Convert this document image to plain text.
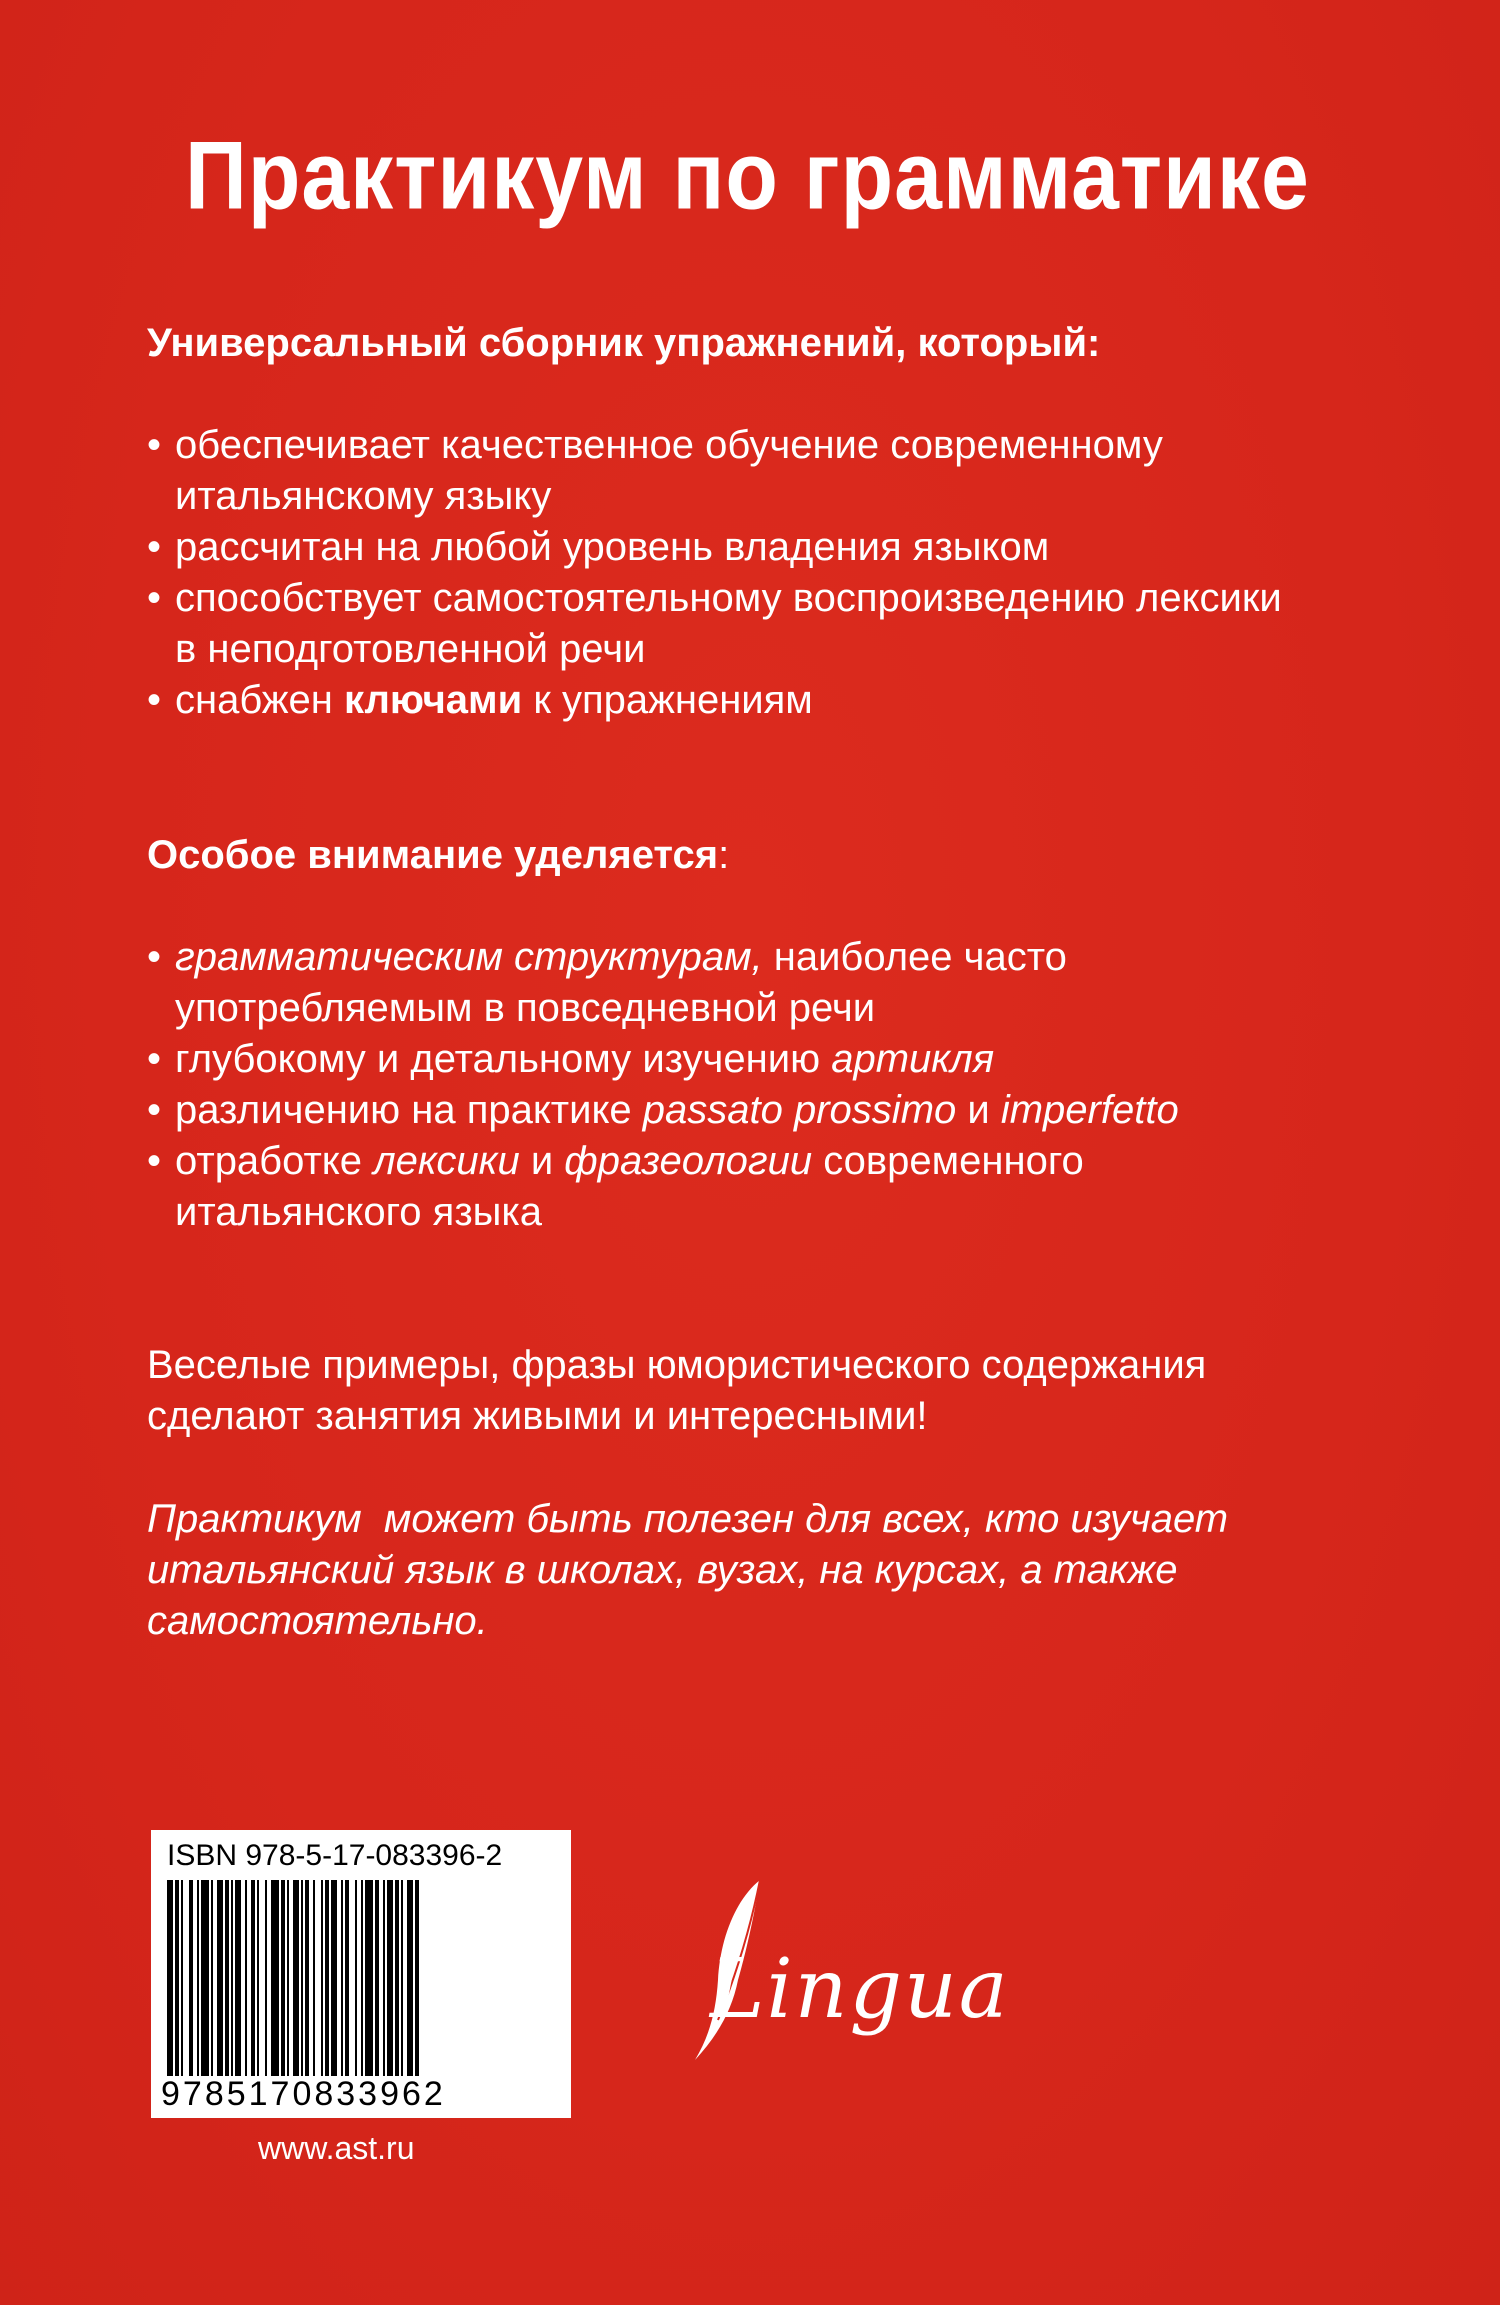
Практикум по грамматике
Универсальный сборник упражнений, который:
• обеспечивает качественное обучение современному итальянскому языку
• рассчитан на любой уровень владения языком
• способствует самостоятельному воспроизведению лексики в неподготовленной речи
• снабжен ключами к упражнениям
Особое внимание уделяется:
• грамматическим структурам, наиболее часто употребляемым в повседневной речи
• глубокому и детальному изучению артикля
• различению на практике passato prossimo и imperfetto
• отработке лексики и фразеологии современного итальянского языка
Веселые примеры, фразы юмористического содержания сделают занятия живыми и интересными!
Практикум  может быть полезен для всех, кто изучает итальянский язык в школах, вузах, на курсах, а также самостоятельно.
ISBN 978-5-17-083396-2
9785170833962
www.ast.ru
Lingua
